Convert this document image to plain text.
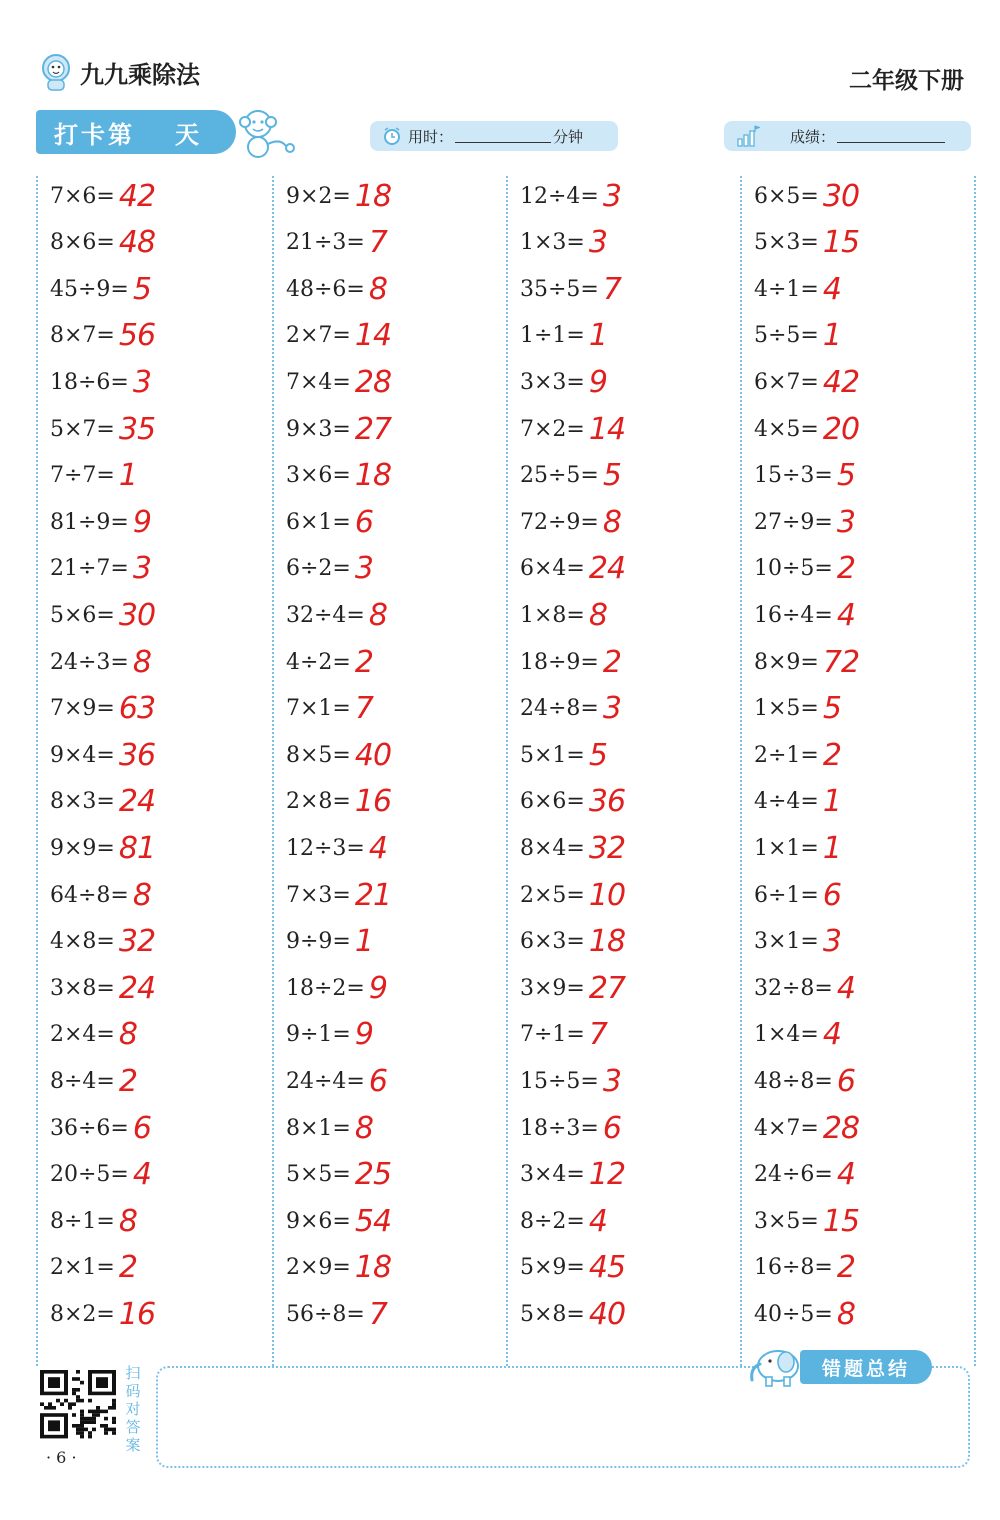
九九乘除法	二年级下册
打卡第 天	用时：	分钟	成绩：
7×6= 42
8×6= 48
45÷9= 5
8×7= 56
18÷6= 3
5×7= 35
7÷7= 1
81÷9= 9
21÷7= 3
5×6= 30
24÷3= 8
7×9= 63
9×4= 36
8×3= 24
9×9= 81
64÷8= 8
4×8= 32
3×8= 24
2×4= 8
8÷4= 2
36÷6= 6
20÷5= 4
8÷1= 8
2×1= 2
8×2= 16
9×2= 18
21÷3= 7
48÷6= 8
2×7= 14
7×4= 28
9×3= 27
3×6= 18
6×1= 6
6÷2= 3
32÷4= 8
4÷2= 2
7×1= 7
8×5= 40
2×8= 16
12÷3= 4
7×3= 21
9÷9= 1
18÷2= 9
9÷1= 9
24÷4= 6
8×1= 8
5×5= 25
9×6= 54
2×9= 18
56÷8= 7
12÷4= 3
1×3= 3
35÷5= 7
1÷1= 1
3×3= 9
7×2= 14
25÷5= 5
72÷9= 8
6×4= 24
1×8= 8
18÷9= 2
24÷8= 3
5×1= 5
6×6= 36
8×4= 32
2×5= 10
6×3= 18
3×9= 27
7÷1= 7
15÷5= 3
18÷3= 6
3×4= 12
8÷2= 4
5×9= 45
5×8= 40
6×5= 30
5×3= 15
4÷1= 4
5÷5= 1
6×7= 42
4×5= 20
15÷3= 5
27÷9= 3
10÷5= 2
16÷4= 4
8×9= 72
1×5= 5
2÷1= 2
4÷4= 1
1×1= 1
6÷1= 6
3×1= 3
32÷8= 4
1×4= 4
48÷8= 6
4×7= 28
24÷6= 4
3×5= 15
16÷8= 2
40÷5= 8
扫码对答案
· 6 ·
错题总结
